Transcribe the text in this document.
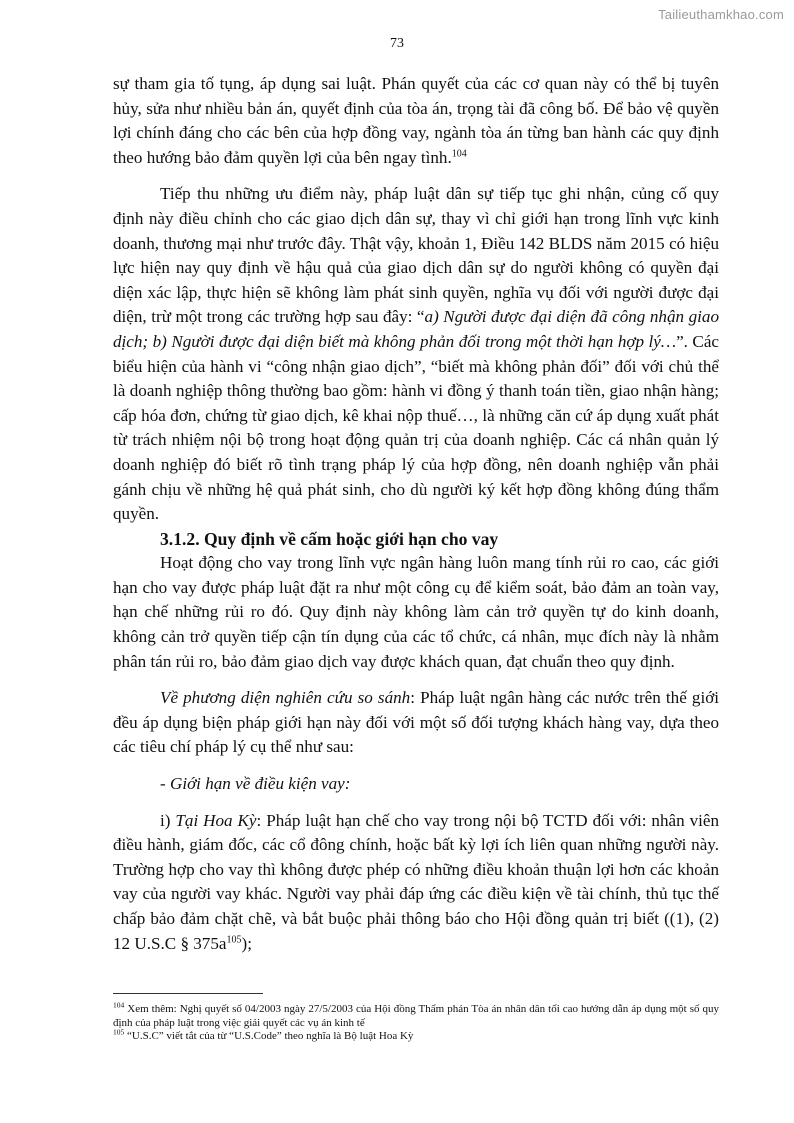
Tailieuthamkhao.com
73

sự tham gia tố tụng, áp dụng sai luật. Phán quyết của các cơ quan này có thể bị tuyên hủy, sửa như nhiều bản án, quyết định của tòa án, trọng tài đã công bố. Để bảo vệ quyền lợi chính đáng cho các bên của hợp đồng vay, ngành tòa án từng ban hành các quy định theo hướng bảo đảm quyền lợi của bên ngay tình.$^{104}$

Tiếp thu những ưu điểm này, pháp luật dân sự tiếp tục ghi nhận, củng cố quy định này điều chỉnh cho các giao dịch dân sự, thay vì chỉ giới hạn trong lĩnh vực kinh doanh, thương mại như trước đây. Thật vậy, khoản 1, Điều 142 BLDS năm 2015 có hiệu lực hiện nay quy định về hậu quả của giao dịch dân sự do người không có quyền đại diện xác lập, thực hiện sẽ không làm phát sinh quyền, nghĩa vụ đối với người được đại diện, trừ một trong các trường hợp sau đây: “a) Người được đại diện đã công nhận giao dịch; b) Người được đại diện biết mà không phản đối trong một thời hạn hợp lý…”. Các biểu hiện của hành vi “công nhận giao dịch”, “biết mà không phản đối” đối với chủ thể là doanh nghiệp thông thường bao gồm: hành vi đồng ý thanh toán tiền, giao nhận hàng; cấp hóa đơn, chứng từ giao dịch, kê khai nộp thuế…, là những căn cứ áp dụng xuất phát từ trách nhiệm nội bộ trong hoạt động quản trị của doanh nghiệp. Các cá nhân quản lý doanh nghiệp đó biết rõ tình trạng pháp lý của hợp đồng, nên doanh nghiệp vẫn phải gánh chịu về những hệ quả phát sinh, cho dù người ký kết hợp đồng không đúng thẩm quyền.

3.1.2. Quy định về cấm hoặc giới hạn cho vay

Hoạt động cho vay trong lĩnh vực ngân hàng luôn mang tính rủi ro cao, các giới hạn cho vay được pháp luật đặt ra như một công cụ để kiểm soát, bảo đảm an toàn vay, hạn chế những rủi ro đó. Quy định này không làm cản trở quyền tự do kinh doanh, không cản trở quyền tiếp cận tín dụng của các tổ chức, cá nhân, mục đích này là nhằm phân tán rủi ro, bảo đảm giao dịch vay được khách quan, đạt chuẩn theo quy định.

Về phương diện nghiên cứu so sánh: Pháp luật ngân hàng các nước trên thế giới đều áp dụng biện pháp giới hạn này đối với một số đối tượng khách hàng vay, dựa theo các tiêu chí pháp lý cụ thể như sau:

- Giới hạn về điều kiện vay:

i) Tại Hoa Kỳ: Pháp luật hạn chế cho vay trong nội bộ TCTD đối với: nhân viên điều hành, giám đốc, các cổ đông chính, hoặc bất kỳ lợi ích liên quan những người này. Trường hợp cho vay thì không được phép có những điều khoản thuận lợi hơn các khoản vay của người vay khác. Người vay phải đáp ứng các điều kiện về tài chính, thủ tục thế chấp bảo đảm chặt chẽ, và bắt buộc phải thông báo cho Hội đồng quản trị biết ((1), (2) 12 U.S.C § $375a^{105}$);

$^{104}$ Xem thêm: Nghị quyết số 04/2003 ngày 27/5/2003 của Hội đồng Thẩm phán Tòa án nhân dân tối cao hướng dẫn áp dụng một số quy định của pháp luật trong việc giải quyết các vụ án kinh tế

$^{105}$ “U.S.C” viết tắt của từ “U.S.Code” theo nghĩa là Bộ luật Hoa Kỳ
